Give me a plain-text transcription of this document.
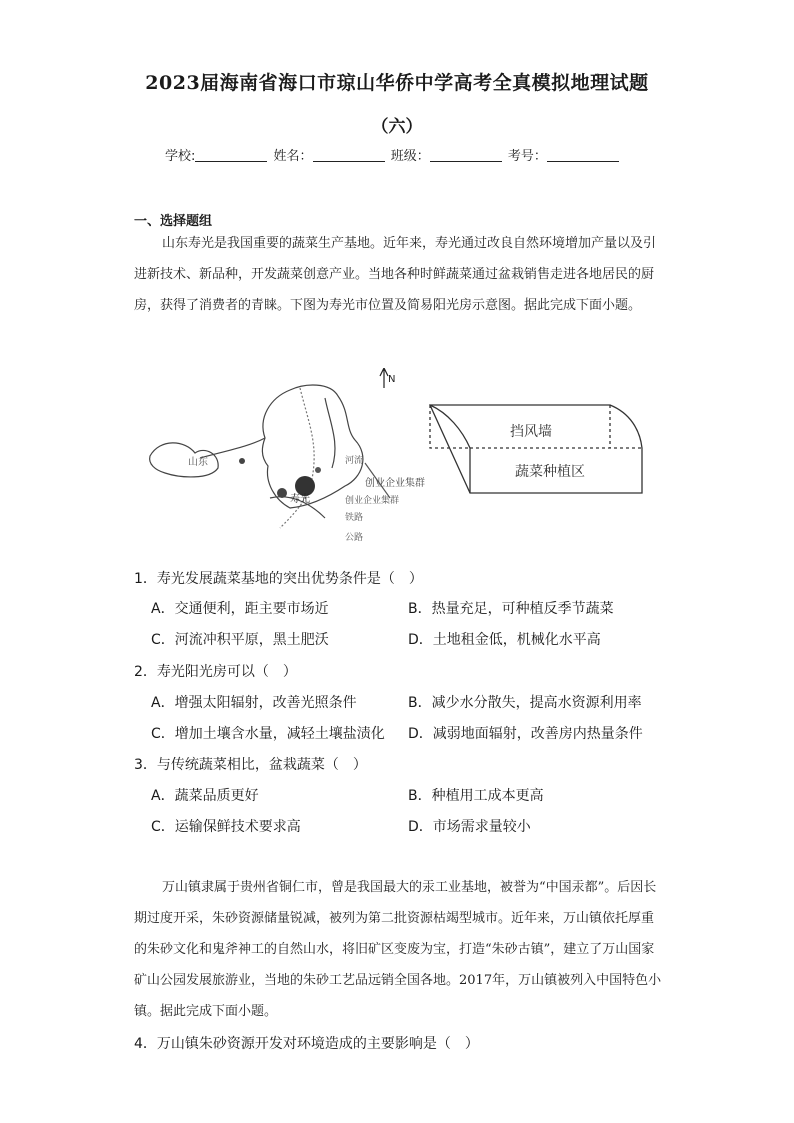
2023届海南省海口市琼山华侨中学高考全真模拟地理试题
（六）
学校:	姓名：	班级：	考号：
一、选择题组
山东寿光是我国重要的蔬菜生产基地。近年来，寿光通过改良自然环境增加产量以及引进新技术、新品种，开发蔬菜创意产业。当地各种时鲜蔬菜通过盆栽销售走进各地居民的厨房，获得了消费者的青睐。下图为寿光市位置及简易阳光房示意图。据此完成下面小题。
山东
N
寿光
创业企业集群
河流
创业企业集群
铁路
公路
挡风墙
蔬菜种植区
1．寿光发展蔬菜基地的突出优势条件是（　）
A．交通便利，距主要市场近	B．热量充足，可种植反季节蔬菜
C．河流冲积平原，黑土肥沃	D．土地租金低，机械化水平高
2．寿光阳光房可以（　）
A．增强太阳辐射，改善光照条件	B．减少水分散失，提高水资源利用率
C．增加土壤含水量，减轻土壤盐渍化 D．减弱地面辐射，改善房内热量条件
3．与传统蔬菜相比，盆栽蔬菜（　）
A．蔬菜品质更好	B．种植用工成本更高
C．运输保鲜技术要求高	D．市场需求量较小
万山镇隶属于贵州省铜仁市，曾是我国最大的汞工业基地，被誉为“中国汞都”。后因长期过度开采，朱砂资源储量锐减，被列为第二批资源枯竭型城市。近年来，万山镇依托厚重的朱砂文化和鬼斧神工的自然山水，将旧矿区变废为宝，打造“朱砂古镇”，建立了万山国家矿山公园发展旅游业，当地的朱砂工艺品远销全国各地。2017年，万山镇被列入中国特色小镇。据此完成下面小题。
4．万山镇朱砂资源开发对环境造成的主要影响是（　）
